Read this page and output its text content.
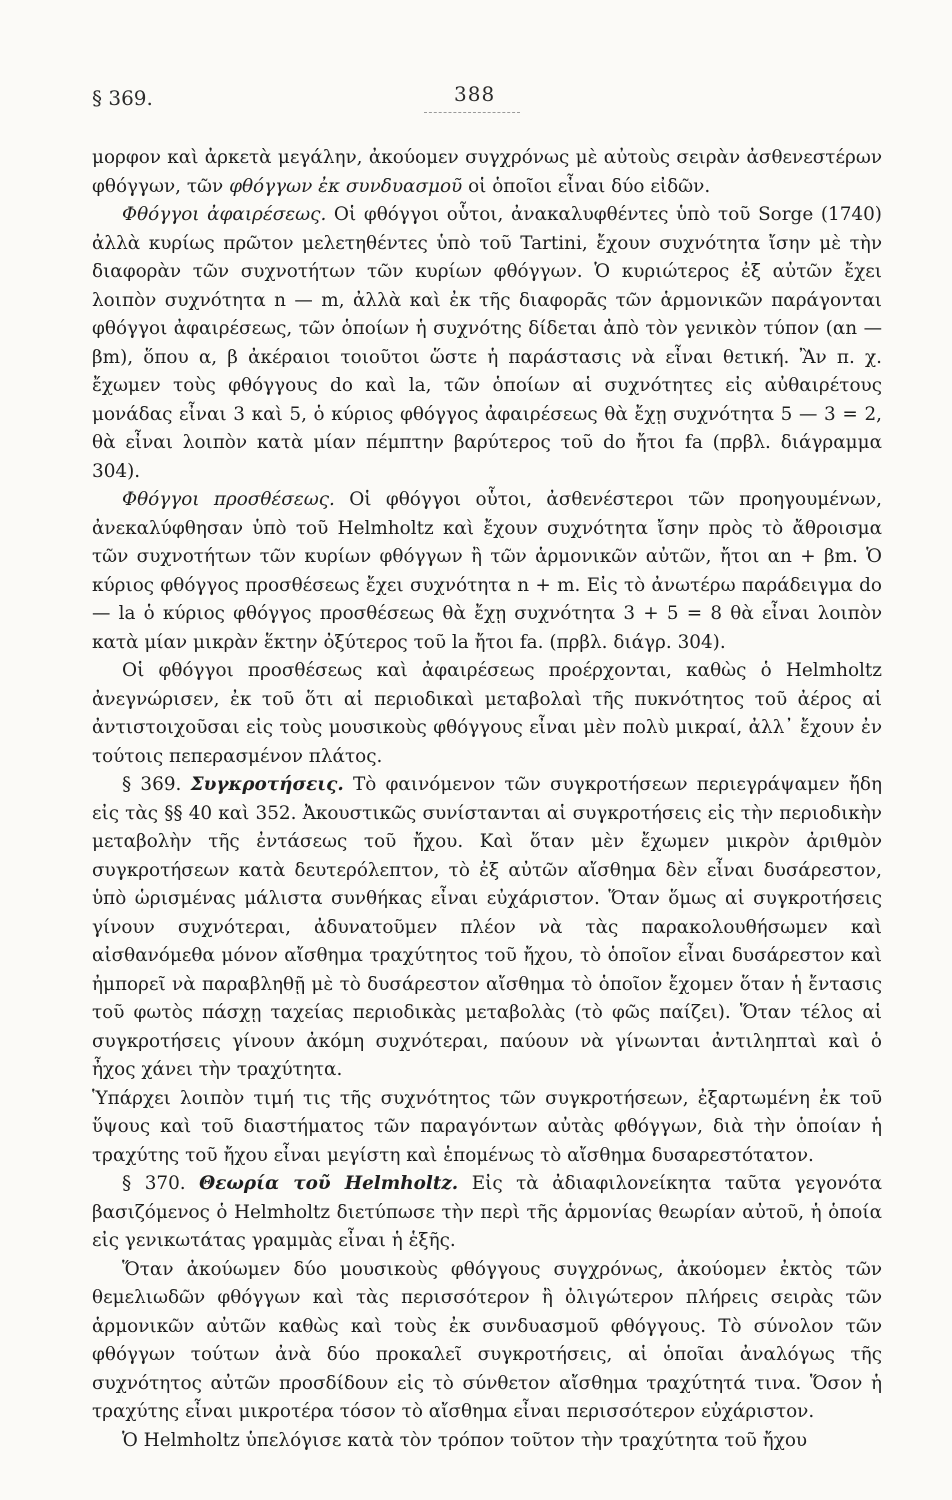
§ 369.	388

μορφον καὶ ἀρκετὰ μεγάλην, ἀκούομεν συγχρόνως μὲ αὐτοὺς σειρὰν ἀσθενεστέρων φθόγγων, τῶν φθόγγων ἐκ συνδυασμοῦ οἱ ὁποῖοι εἶναι δύο εἰδῶν.

Φθόγγοι ἀφαιρέσεως. Οἱ φθόγγοι οὗτοι, ἀνακαλυφθέντες ὑπὸ τοῦ Sorge (1740) ἀλλὰ κυρίως πρῶτον μελετηθέντες ὑπὸ τοῦ Tartini, ἔχουν συχνότητα ἴσην μὲ τὴν διαφορὰν τῶν συχνοτήτων τῶν κυρίων φθόγγων. Ὁ κυριώτερος ἐξ αὐτῶν ἔχει λοιπὸν συχνότητα n — m, ἀλλὰ καὶ ἐκ τῆς διαφορᾶς τῶν ἁρμονικῶν παράγονται φθόγγοι ἀφαιρέσεως, τῶν ὁποίων ἡ συχνότης δίδεται ἀπὸ τὸν γενικὸν τύπον (αn — βm), ὅπου α, β ἀκέραιοι τοιοῦτοι ὥστε ἡ παράστασις νὰ εἶναι θετική. Ἂν π. χ. ἔχωμεν τοὺς φθόγγους do καὶ la, τῶν ὁποίων αἱ συχνότητες εἰς αὐθαιρέτους μονάδας εἶναι 3 καὶ 5, ὁ κύριος φθόγγος ἀφαιρέσεως θὰ ἔχῃ συχνότητα 5 — 3 = 2, θὰ εἶναι λοιπὸν κατὰ μίαν πέμπτην βαρύτερος τοῦ do ἤτοι fa (πρβλ. διάγραμμα 304).

Φθόγγοι προσθέσεως. Οἱ φθόγγοι οὗτοι, ἀσθενέστεροι τῶν προηγουμένων, ἀνεκαλύφθησαν ὑπὸ τοῦ Helmholtz καὶ ἔχουν συχνότητα ἴσην πρὸς τὸ ἄθροισμα τῶν συχνοτήτων τῶν κυρίων φθόγγων ἢ τῶν ἁρμονικῶν αὐτῶν, ἤτοι αn + βm. Ὁ κύριος φθόγγος προσθέσεως ἔχει συχνότητα n + m. Εἰς τὸ ἀνωτέρω παράδειγμα do — la ὁ κύριος φθόγγος προσθέσεως θὰ ἔχῃ συχνότητα 3 + 5 = 8 θὰ εἶναι λοιπὸν κατὰ μίαν μικρὰν ἕκτην ὀξύτερος τοῦ la ἤτοι fa. (πρβλ. διάγρ. 304).

Οἱ φθόγγοι προσθέσεως καὶ ἀφαιρέσεως προέρχονται, καθὼς ὁ Helmholtz ἀνεγνώρισεν, ἐκ τοῦ ὅτι αἱ περιοδικαὶ μεταβολαὶ τῆς πυκνότητος τοῦ ἀέρος αἱ ἀντιστοιχοῦσαι εἰς τοὺς μουσικοὺς φθόγγους εἶναι μὲν πολὺ μικραί, ἀλλ᾽ ἔχουν ἐν τούτοις πεπερασμένον πλάτος.

§ 369. Συγκροτήσεις. Τὸ φαινόμενον τῶν συγκροτήσεων περιεγράψαμεν ἤδη εἰς τὰς §§ 40 καὶ 352. Ἀκουστικῶς συνίστανται αἱ συγκροτήσεις εἰς τὴν περιοδικὴν μεταβολὴν τῆς ἐντάσεως τοῦ ἤχου. Καὶ ὅταν μὲν ἔχωμεν μικρὸν ἀριθμὸν συγκροτήσεων κατὰ δευτερόλεπτον, τὸ ἐξ αὐτῶν αἴσθημα δὲν εἶναι δυσάρεστον, ὑπὸ ὡρισμένας μάλιστα συνθήκας εἶναι εὐχάριστον. Ὅταν ὅμως αἱ συγκροτήσεις γίνουν συχνότεραι, ἀδυνατοῦμεν πλέον νὰ τὰς παρακολουθήσωμεν καὶ αἰσθανόμεθα μόνον αἴσθημα τραχύτητος τοῦ ἤχου, τὸ ὁποῖον εἶναι δυσάρεστον καὶ ἠμπορεῖ νὰ παραβληθῇ μὲ τὸ δυσάρεστον αἴσθημα τὸ ὁποῖον ἔχομεν ὅταν ἡ ἔντασις τοῦ φωτὸς πάσχῃ ταχείας περιοδικὰς μεταβολὰς (τὸ φῶς παίζει). Ὅταν τέλος αἱ συγκροτήσεις γίνουν ἀκόμη συχνότεραι, παύουν νὰ γίνωνται ἀντιληπταὶ καὶ ὁ ἦχος χάνει τὴν τραχύτητα.

Ὑπάρχει λοιπὸν τιμή τις τῆς συχνότητος τῶν συγκροτήσεων, ἐξαρτωμένη ἐκ τοῦ ὕψους καὶ τοῦ διαστήματος τῶν παραγόντων αὐτὰς φθόγγων, διὰ τὴν ὁποίαν ἡ τραχύτης τοῦ ἤχου εἶναι μεγίστη καὶ ἑπομένως τὸ αἴσθημα δυσαρεστότατον.

§ 370. Θεωρία τοῦ Helmholtz. Εἰς τὰ ἀδιαφιλονείκητα ταῦτα γεγονότα βασιζόμενος ὁ Helmholtz διετύπωσε τὴν περὶ τῆς ἁρμονίας θεωρίαν αὐτοῦ, ἡ ὁποία εἰς γενικωτάτας γραμμὰς εἶναι ἡ ἑξῆς.

Ὅταν ἀκούωμεν δύο μουσικοὺς φθόγγους συγχρόνως, ἀκούομεν ἐκτὸς τῶν θεμελιωδῶν φθόγγων καὶ τὰς περισσότερον ἢ ὀλιγώτερον πλήρεις σειρὰς τῶν ἁρμονικῶν αὐτῶν καθὼς καὶ τοὺς ἐκ συνδυασμοῦ φθόγγους. Τὸ σύνολον τῶν φθόγγων τούτων ἀνὰ δύο προκαλεῖ συγκροτήσεις, αἱ ὁποῖαι ἀναλόγως τῆς συχνότητος αὐτῶν προσδίδουν εἰς τὸ σύνθετον αἴσθημα τραχύτητά τινα. Ὅσον ἡ τραχύτης εἶναι μικροτέρα τόσον τὸ αἴσθημα εἶναι περισσότερον εὐχάριστον.

Ὁ Helmholtz ὑπελόγισε κατὰ τὸν τρόπον τοῦτον τὴν τραχύτητα τοῦ ἤχου
